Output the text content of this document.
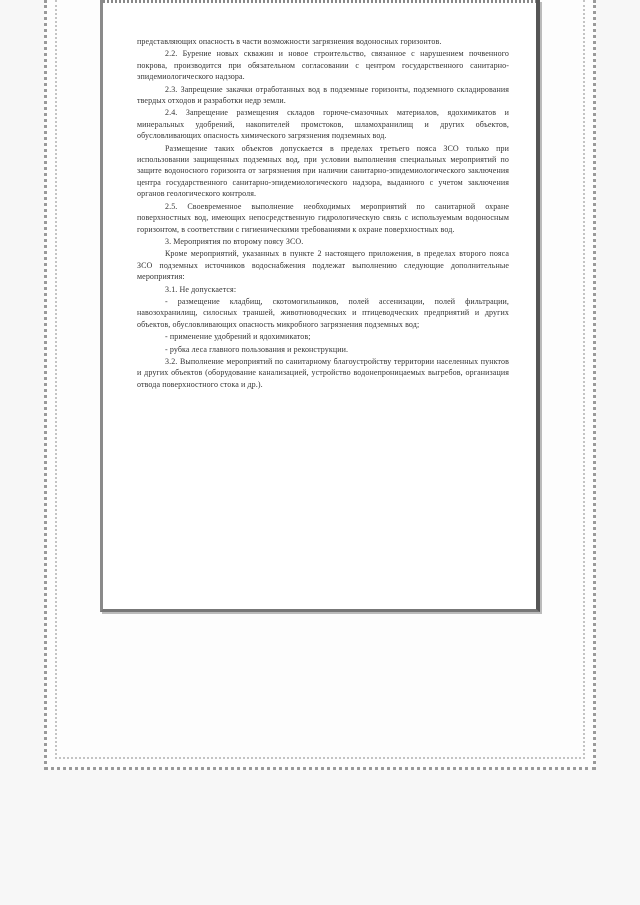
представляющих опасность в части возможности загрязнения водоносных горизонтов.

2.2. Бурение новых скважин и новое строительство, связанное с нарушением почвенного покрова, производится при обязательном согласовании с центром государственного санитарно-эпидемиологического надзора.

2.3. Запрещение закачки отработанных вод в подземные горизонты, подземного складирования твердых отходов и разработки недр земли.

2.4. Запрещение размещения складов горюче-смазочных материалов, ядохимикатов и минеральных удобрений, накопителей промстоков, шламохранилищ и других объектов, обусловливающих опасность химического загрязнения подземных вод.

Размещение таких объектов допускается в пределах третьего пояса ЗСО только при использовании защищенных подземных вод, при условии выполнения специальных мероприятий по защите водоносного горизонта от загрязнения при наличии санитарно-эпидемиологического заключения центра государственного санитарно-эпидемиологического надзора, выданного с учетом заключения органов геологического контроля.

2.5. Своевременное выполнение необходимых мероприятий по санитарной охране поверхностных вод, имеющих непосредственную гидрологическую связь с используемым водоносным горизонтом, в соответствии с гигиеническими требованиями к охране поверхностных вод.

3. Мероприятия по второму поясу ЗСО.

Кроме мероприятий, указанных в пункте 2 настоящего приложения, в пределах второго пояса ЗСО подземных источников водоснабжения подлежат выполнению следующие дополнительные мероприятия:

3.1. Не допускается:

- размещение кладбищ, скотомогильников, полей ассенизации, полей фильтрации, навозохранилищ, силосных траншей, животноводческих и птицеводческих предприятий и других объектов, обусловливающих опасность микробного загрязнения подземных вод;

- применение удобрений и ядохимикатов;

- рубка леса главного пользования и реконструкции.

3.2. Выполнение мероприятий по санитарному благоустройству территории населенных пунктов и других объектов (оборудование канализацией, устройство водонепроницаемых выгребов, организация отвода поверхностного стока и др.).
